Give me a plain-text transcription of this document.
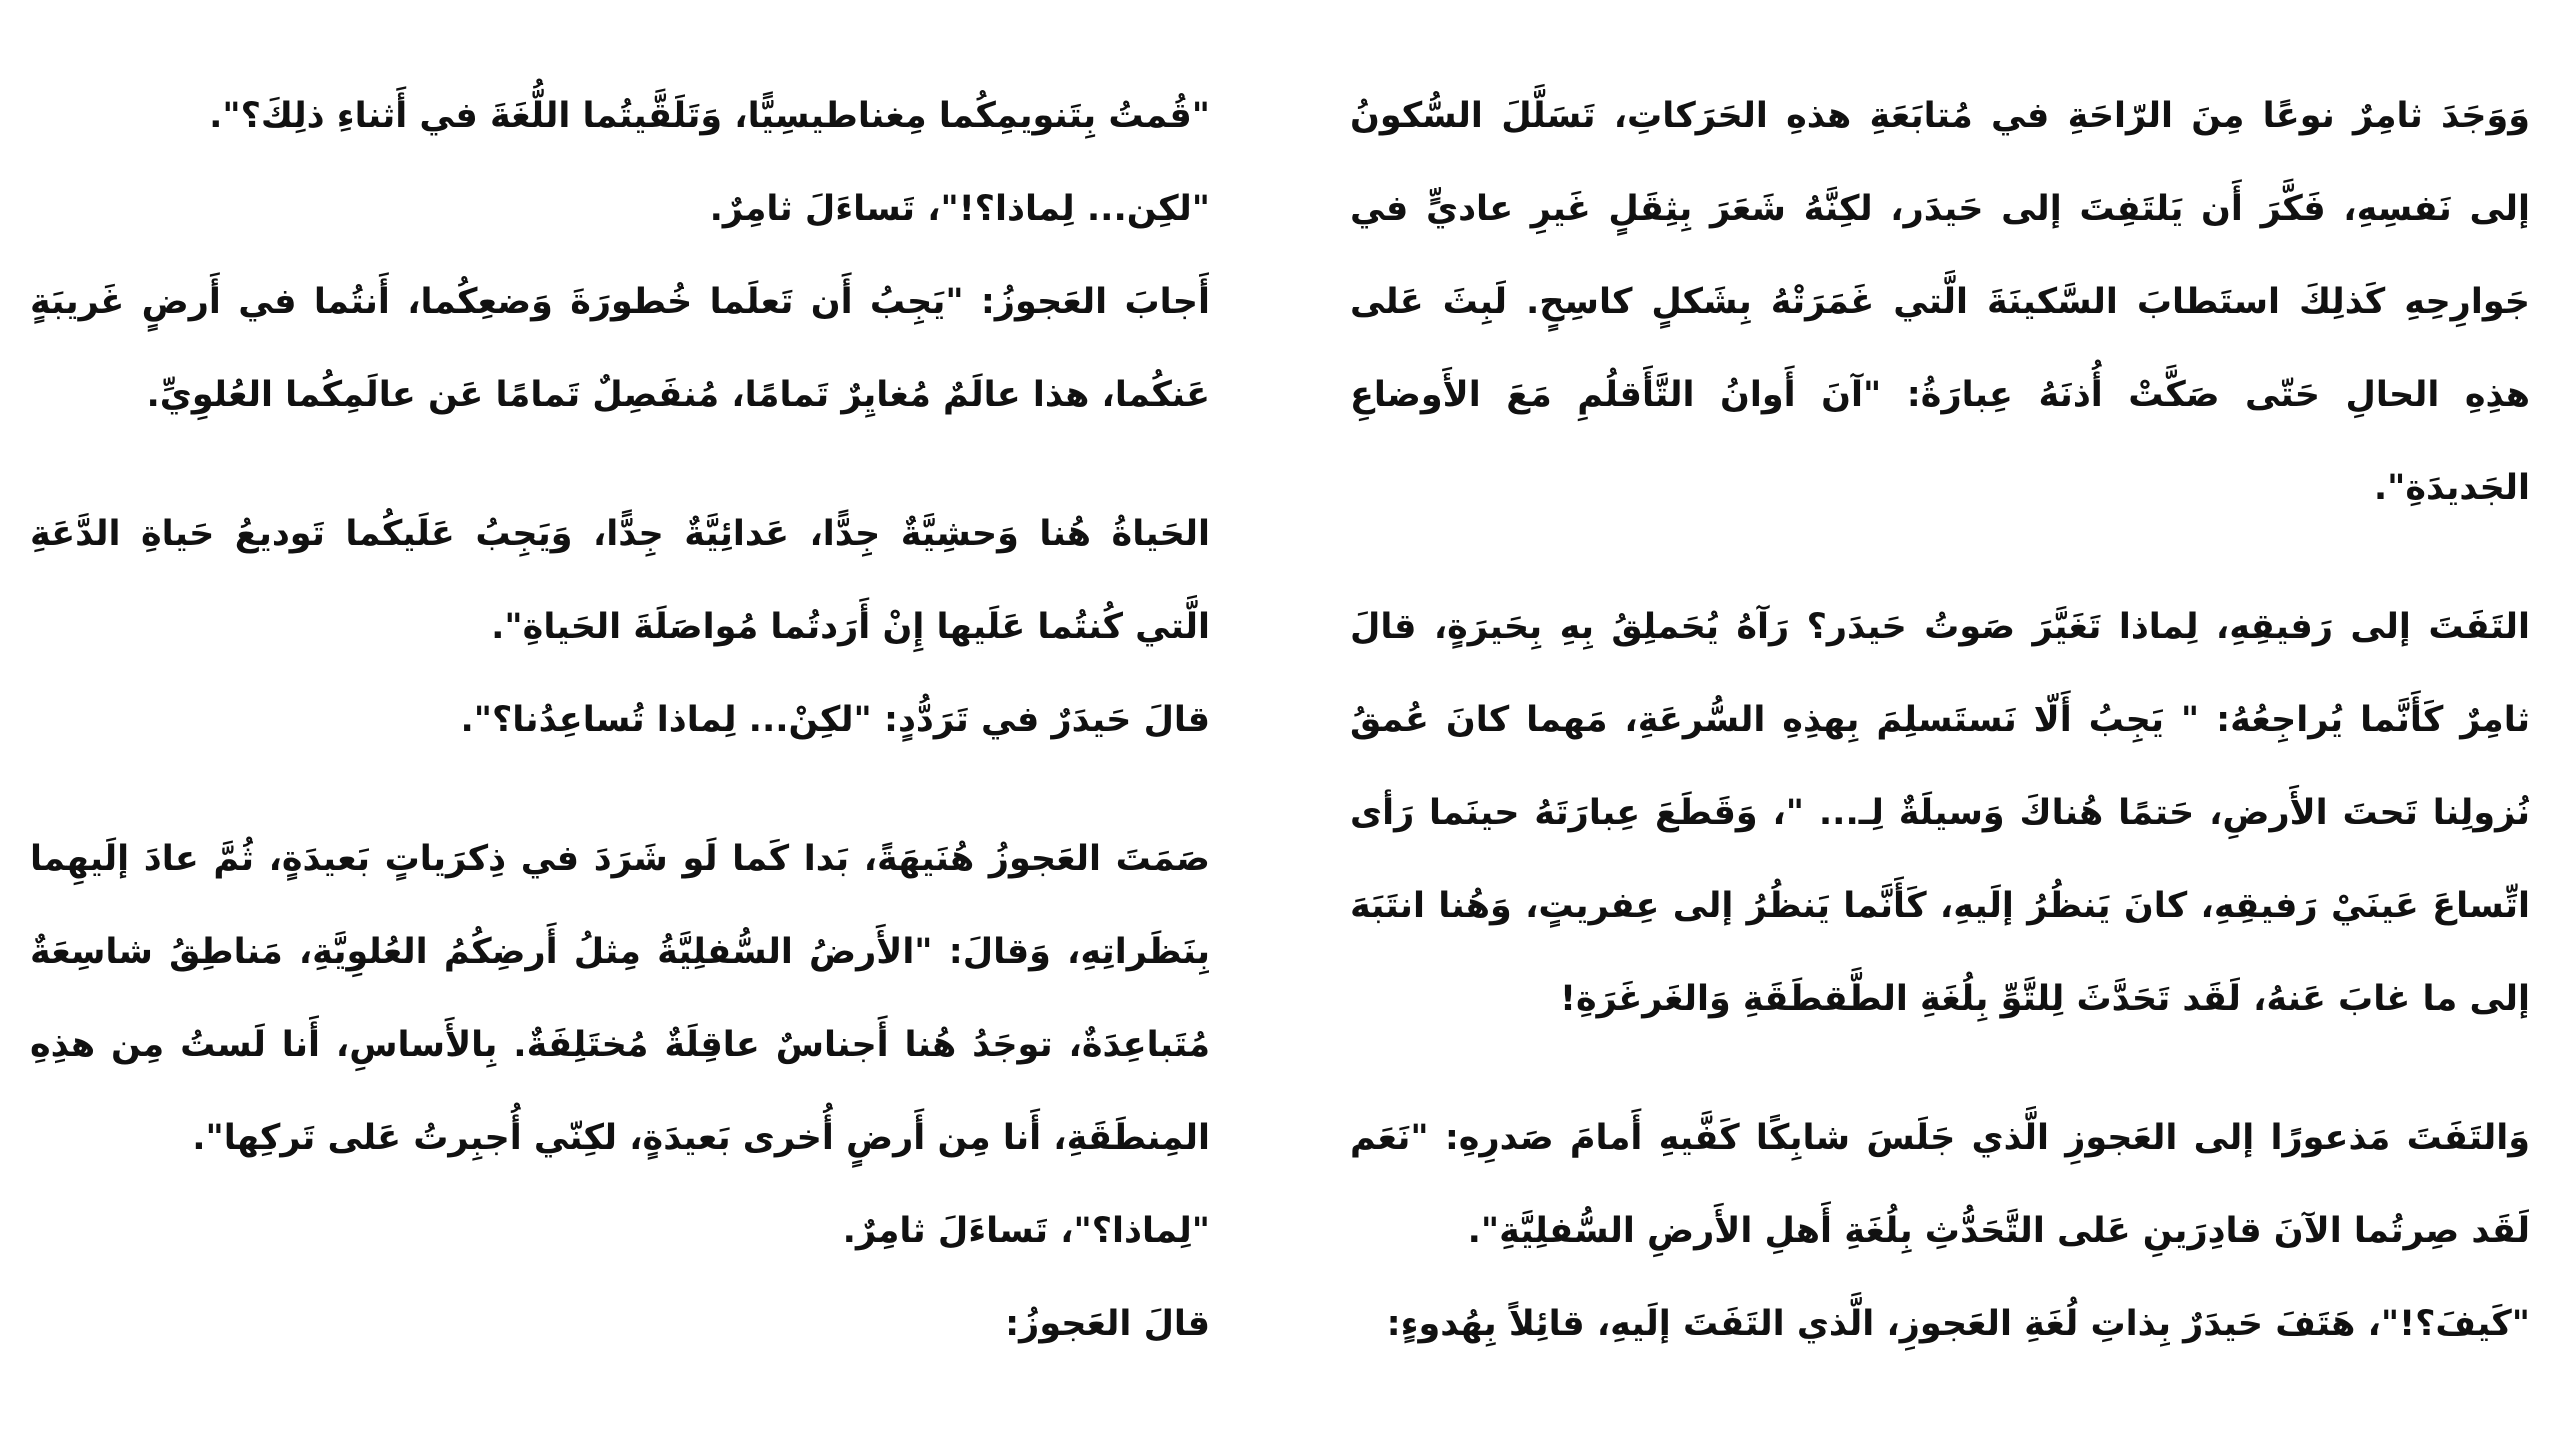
وَوَجَدَ ثامِرٌ نوعًا مِنَ الرّاحَةِ في مُتابَعَةِ هذهِ الحَرَكاتِ، تَسَلَّلَ السُّكونُ إلى نَفسِهِ، فَكَّرَ أَن يَلتَفِتَ إلى حَيدَر، لكِنَّهُ شَعَرَ بِثِقَلٍ غَيرِ عاديٍّ في جَوارِحِهِ كَذلِكَ استَطابَ السَّكينَةَ الَّتي غَمَرَتْهُ بِشَكلٍ كاسِحٍ. لَبِثَ عَلى هذِهِ الحالِ حَتّى صَكَّتْ أُذنَهُ عِبارَةُ: "آنَ أَوانُ التَّأَقلُمِ مَعَ الأَوضاعِ الجَديدَةِ".

التَفَتَ إلى رَفيقِهِ، لِماذا تَغَيَّرَ صَوتُ حَيدَر؟ رَآهُ يُحَملِقُ بِهِ بِحَيرَةٍ، قالَ ثامِرٌ كَأَنَّما يُراجِعُهُ: " يَجِبُ أَلّا نَستَسلِمَ بِهذِهِ السُّرعَةِ، مَهما كانَ عُمقُ نُزولِنا تَحتَ الأَرضِ، حَتمًا هُناكَ وَسيلَةٌ لِـ... "، وَقَطَعَ عِبارَتَهُ حينَما رَأى اتِّساعَ عَينَيْ رَفيقِهِ، كانَ يَنظُرُ إلَيهِ، كَأَنَّما يَنظُرُ إلى عِفريتٍ، وَهُنا انتَبَهَ إلى ما غابَ عَنهُ، لَقَد تَحَدَّثَ لِلتَّوِّ بِلُغَةِ الطَّقطَقَةِ وَالغَرغَرَةِ!

وَالتَفَتَ مَذعورًا إلى العَجوزِ الَّذي جَلَسَ شابِكًا كَفَّيهِ أَمامَ صَدرِهِ: "نَعَم لَقَد صِرتُما الآنَ قادِرَينِ عَلى التَّحَدُّثِ بِلُغَةِ أَهلِ الأَرضِ السُّفلِيَّةِ".

"كَيفَ؟!"، هَتَفَ حَيدَرٌ بِذاتِ لُغَةِ العَجوزِ، الَّذي التَفَتَ إلَيهِ، قائِلاً بِهُدوءٍ:

"قُمتُ بِتَنويمِكُما مِغناطيسِيًّا، وَتَلَقَّيتُما اللُّغَةَ في أَثناءِ ذلِكَ؟".

"لكِن... لِماذا؟!"، تَساءَلَ ثامِرٌ.

أَجابَ العَجوزُ: "يَجِبُ أَن تَعلَما خُطورَةَ وَضعِكُما، أَنتُما في أَرضٍ غَريبَةٍ عَنكُما، هذا عالَمٌ مُغايِرٌ تَمامًا، مُنفَصِلٌ تَمامًا عَن عالَمِكُما العُلوِيِّ.

الحَياةُ هُنا وَحشِيَّةٌ جِدًّا، عَدائِيَّةٌ جِدًّا، وَيَجِبُ عَلَيكُما تَوديعُ حَياةِ الدَّعَةِ الَّتي كُنتُما عَلَيها إِنْ أَرَدتُما مُواصَلَةَ الحَياةِ".

قالَ حَيدَرٌ في تَرَدُّدٍ: "لكِنْ... لِماذا تُساعِدُنا؟".

صَمَتَ العَجوزُ هُنَيهَةً، بَدا كَما لَو شَرَدَ في ذِكرَياتٍ بَعيدَةٍ، ثُمَّ عادَ إلَيهِما بِنَظَراتِهِ، وَقالَ: "الأَرضُ السُّفلِيَّةُ مِثلُ أَرضِكُمُ العُلوِيَّةِ، مَناطِقُ شاسِعَةٌ مُتَباعِدَةٌ، توجَدُ هُنا أَجناسٌ عاقِلَةٌ مُختَلِفَةٌ. بِالأَساسِ، أَنا لَستُ مِن هذِهِ المِنطَقَةِ، أَنا مِن أَرضٍ أُخرى بَعيدَةٍ، لكِنّي أُجبِرتُ عَلى تَركِها".

"لِماذا؟"، تَساءَلَ ثامِرٌ.

قالَ العَجوزُ:
